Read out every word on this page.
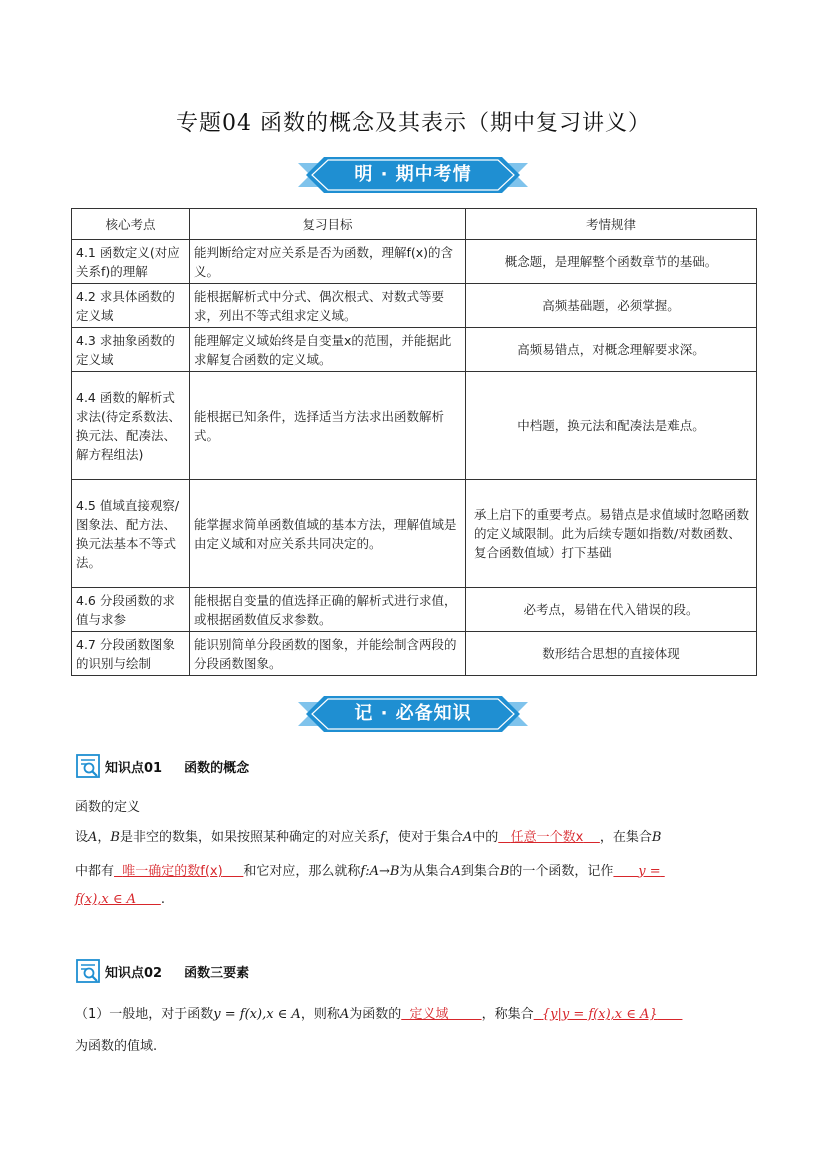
专题04 函数的概念及其表示（期中复习讲义）
明 · 期中考情
核心考点	复习目标	考情规律
4.1 函数定义(对应关系f)的理解	能判断给定对应关系是否为函数，理解f(x)的含义。	概念题，是理解整个函数章节的基础。
4.2 求具体函数的定义域	能根据解析式中分式、偶次根式、对数式等要求，列出不等式组求定义域。	高频基础题，必须掌握。
4.3 求抽象函数的定义域	能理解定义域始终是自变量x的范围，并能据此求解复合函数的定义域。	高频易错点，对概念理解要求深。
4.4 函数的解析式求法(待定系数法、换元法、配凑法、解方程组法)	能根据已知条件，选择适当方法求出函数解析式。	中档题，换元法和配凑法是难点。
4.5 值域直接观察/图象法、配方法、换元法基本不等式法。	能掌握求简单函数值域的基本方法，理解值域是由定义域和对应关系共同决定的。	承上启下的重要考点。易错点是求值域时忽略函数的定义域限制。此为后续专题如指数/对数函数、复合函数值域）打下基础
4.6 分段函数的求值与求参	能根据自变量的值选择正确的解析式进行求值，或根据函数值反求参数。	必考点，易错在代入错误的段。
4.7 分段函数图象的识别与绘制	能识别简单分段函数的图象，并能绘制含两段的分段函数图象。	数形结合思想的直接体现
记 · 必备知识
知识点01 函数的概念
函数的定义
设A，B是非空的数集，如果按照某种确定的对应关系f，使对于集合A中的 任意一个数x ，在集合B
中都有 唯一确定的数f(x) 和它对应，那么就称f:A→B为从集合A到集合B的一个函数，记作 y =
f(x),x ∈ A .
知识点02 函数三要素
（1）一般地，对于函数y = f(x),x ∈ A，则称A为函数的 定义域	，称集合 {y|y = f(x),x ∈ A}
为函数的值域.
